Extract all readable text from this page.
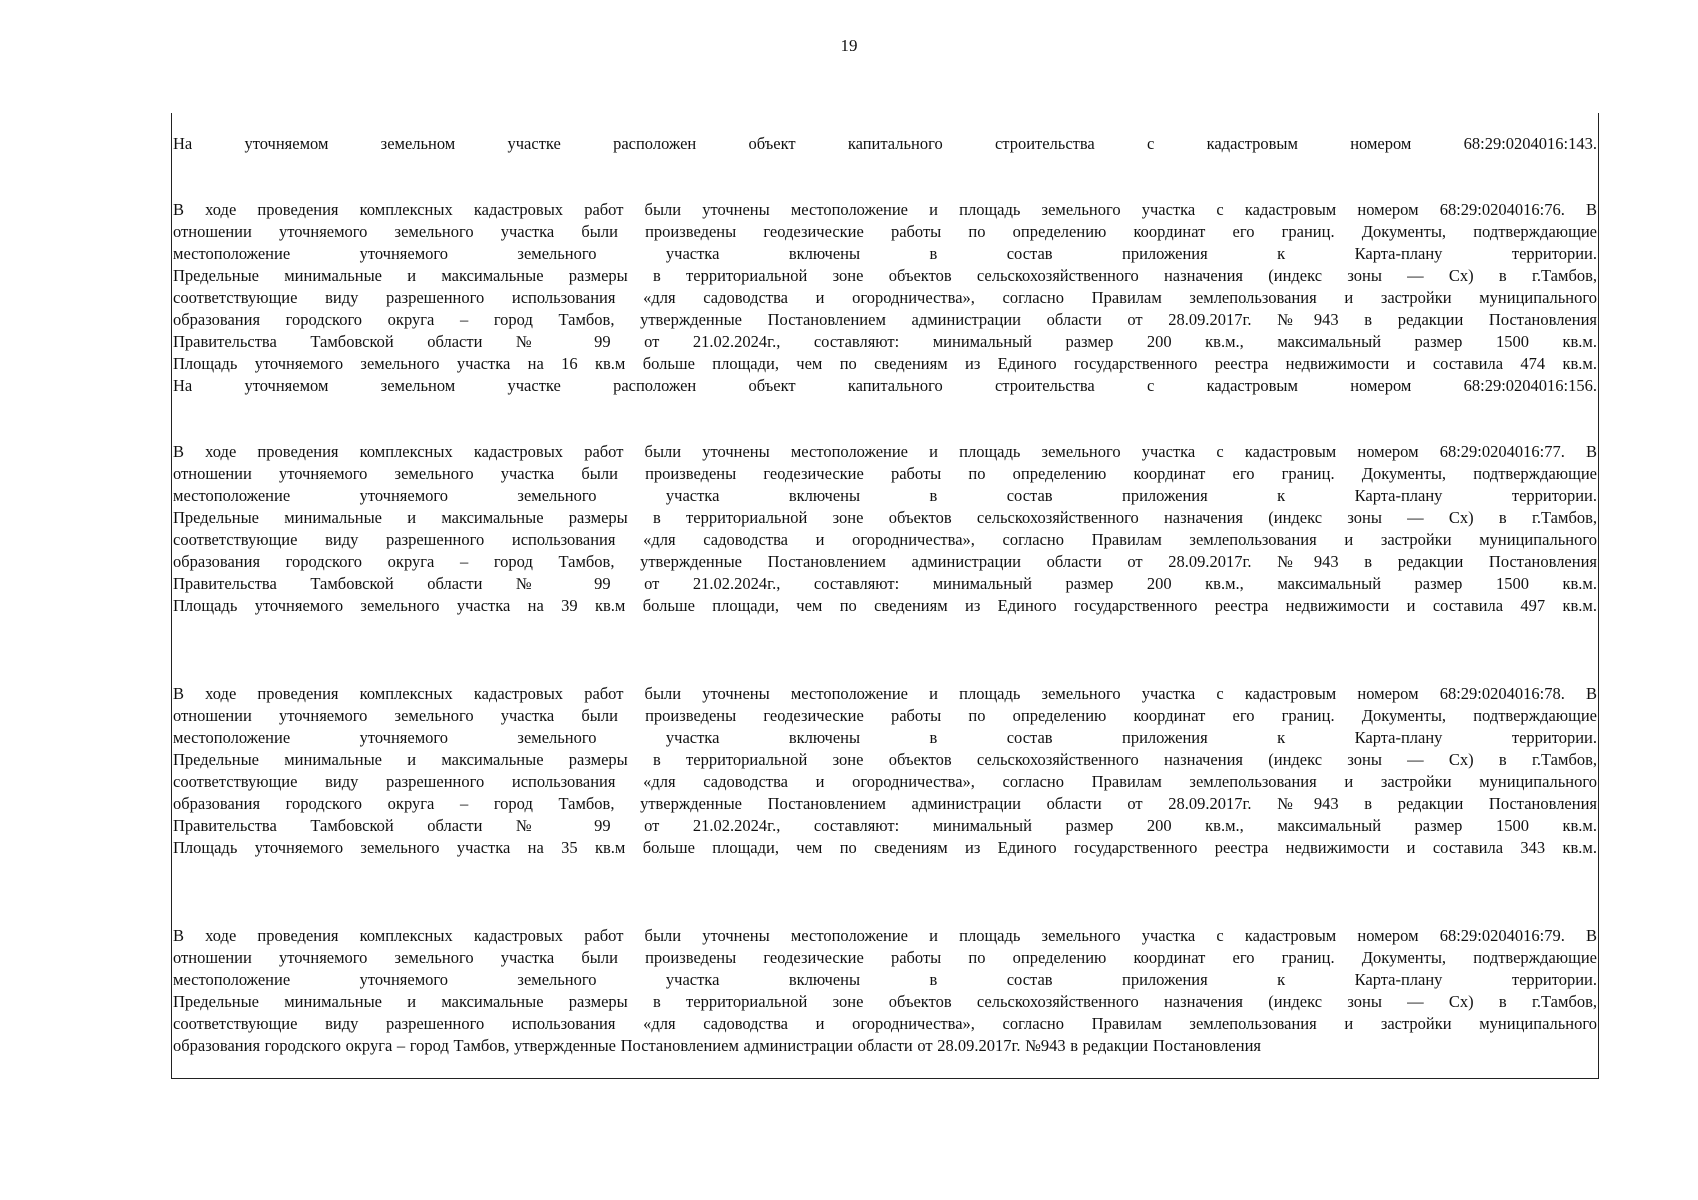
19

На уточняемом земельном участке расположен объект капитального строительства с кадастровым номером 68:29:0204016:143.

В ходе проведения комплексных кадастровых работ были уточнены местоположение и площадь земельного участка с кадастровым номером 68:29:0204016:76. В

отношении уточняемого земельного участка были произведены геодезические работы по определению координат его границ. Документы, подтверждающие

местоположение уточняемого земельного участка включены в состав приложения к Карта-плану территории.

Предельные минимальные и максимальные размеры в территориальной зоне объектов сельскохозяйственного назначения (индекс зоны — Сх) в г.Тамбов,

соответствующие виду разрешенного использования «для садоводства и огородничества», согласно Правилам землепользования и застройки муниципального

образования городского округа – город Тамбов, утвержденные Постановлением администрации области от 28.09.2017г. №943 в редакции Постановления

Правительства Тамбовской области № 99 от 21.02.2024г., составляют: минимальный размер 200 кв.м., максимальный размер 1500 кв.м.

Площадь уточняемого земельного участка на 16 кв.м больше площади, чем по сведениям из Единого государственного реестра недвижимости и составила 474 кв.м.

На уточняемом земельном участке расположен объект капитального строительства с кадастровым номером 68:29:0204016:156.

В ходе проведения комплексных кадастровых работ были уточнены местоположение и площадь земельного участка с кадастровым номером 68:29:0204016:77. В

отношении уточняемого земельного участка были произведены геодезические работы по определению координат его границ. Документы, подтверждающие

местоположение уточняемого земельного участка включены в состав приложения к Карта-плану территории.

Предельные минимальные и максимальные размеры в территориальной зоне объектов сельскохозяйственного назначения (индекс зоны — Сх) в г.Тамбов,

соответствующие виду разрешенного использования «для садоводства и огородничества», согласно Правилам землепользования и застройки муниципального

образования городского округа – город Тамбов, утвержденные Постановлением администрации области от 28.09.2017г. №943 в редакции Постановления

Правительства Тамбовской области № 99 от 21.02.2024г., составляют: минимальный размер 200 кв.м., максимальный размер 1500 кв.м.

Площадь уточняемого земельного участка на 39 кв.м больше площади, чем по сведениям из Единого государственного реестра недвижимости и составила 497 кв.м.

В ходе проведения комплексных кадастровых работ были уточнены местоположение и площадь земельного участка с кадастровым номером 68:29:0204016:78. В

отношении уточняемого земельного участка были произведены геодезические работы по определению координат его границ. Документы, подтверждающие

местоположение уточняемого земельного участка включены в состав приложения к Карта-плану территории.

Предельные минимальные и максимальные размеры в территориальной зоне объектов сельскохозяйственного назначения (индекс зоны — Сх) в г.Тамбов,

соответствующие виду разрешенного использования «для садоводства и огородничества», согласно Правилам землепользования и застройки муниципального

образования городского округа – город Тамбов, утвержденные Постановлением администрации области от 28.09.2017г. №943 в редакции Постановления

Правительства Тамбовской области № 99 от 21.02.2024г., составляют: минимальный размер 200 кв.м., максимальный размер 1500 кв.м.

Площадь уточняемого земельного участка на 35 кв.м больше площади, чем по сведениям из Единого государственного реестра недвижимости и составила 343 кв.м.

В ходе проведения комплексных кадастровых работ были уточнены местоположение и площадь земельного участка с кадастровым номером 68:29:0204016:79. В

отношении уточняемого земельного участка были произведены геодезические работы по определению координат его границ. Документы, подтверждающие

местоположение уточняемого земельного участка включены в состав приложения к Карта-плану территории.

Предельные минимальные и максимальные размеры в территориальной зоне объектов сельскохозяйственного назначения (индекс зоны — Сх) в г.Тамбов,

соответствующие виду разрешенного использования «для садоводства и огородничества», согласно Правилам землепользования и застройки муниципального

образования городского округа – город Тамбов, утвержденные Постановлением администрации области от 28.09.2017г. №943 в редакции Постановления
